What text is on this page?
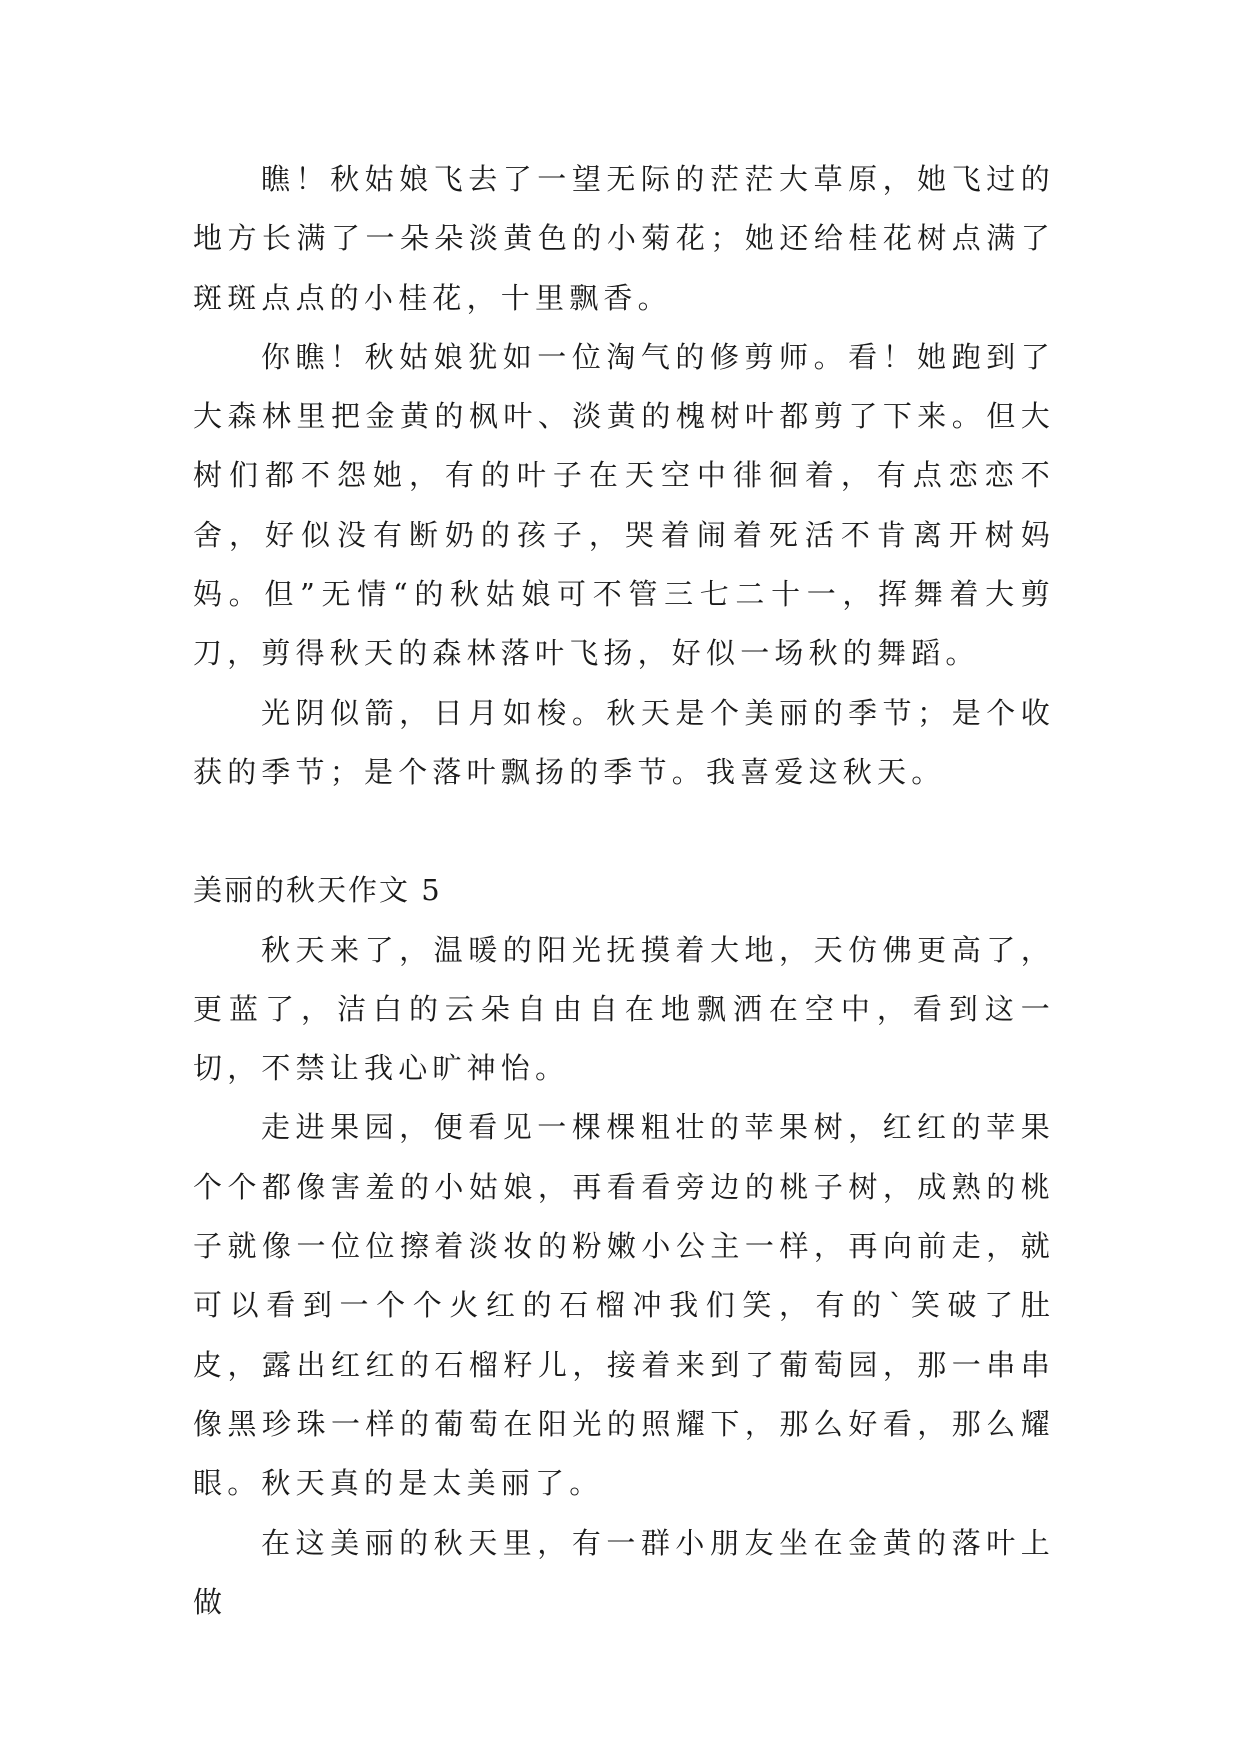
瞧！秋姑娘飞去了一望无际的茫茫大草原，她飞过的地方长满了一朵朵淡黄色的小菊花；她还给桂花树点满了斑斑点点的小桂花，十里飘香。

你瞧！秋姑娘犹如一位淘气的修剪师。看！她跑到了大森林里把金黄的枫叶、淡黄的槐树叶都剪了下来。但大树们都不怨她，有的叶子在天空中徘徊着，有点恋恋不舍，好似没有断奶的孩子，哭着闹着死活不肯离开树妈妈。但”无情“的秋姑娘可不管三七二十一，挥舞着大剪刀，剪得秋天的森林落叶飞扬，好似一场秋的舞蹈。

光阴似箭，日月如梭。秋天是个美丽的季节；是个收获的季节；是个落叶飘扬的季节。我喜爱这秋天。

美丽的秋天作文 5

秋天来了，温暖的阳光抚摸着大地，天仿佛更高了，更蓝了，洁白的云朵自由自在地飘洒在空中，看到这一切，不禁让我心旷神怡。

走进果园，便看见一棵棵粗壮的苹果树，红红的苹果个个都像害羞的小姑娘，再看看旁边的桃子树，成熟的桃子就像一位位擦着淡妆的粉嫩小公主一样，再向前走，就可以看到一个个火红的石榴冲我们笑，有的`笑破了肚皮，露出红红的石榴籽儿，接着来到了葡萄园，那一串串像黑珍珠一样的葡萄在阳光的照耀下，那么好看，那么耀眼。秋天真的是太美丽了。

在这美丽的秋天里，有一群小朋友坐在金黄的落叶上做
